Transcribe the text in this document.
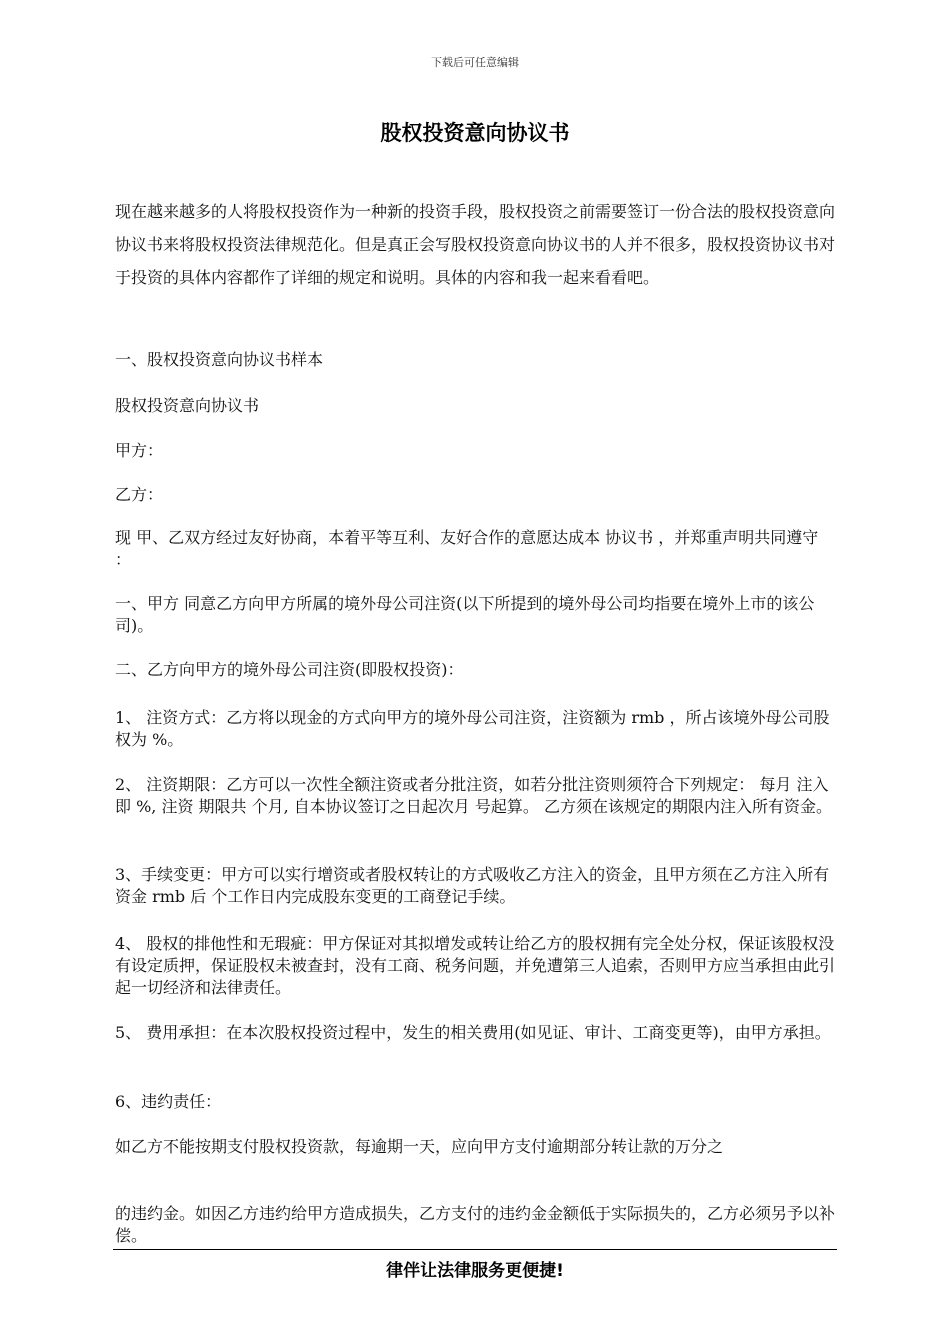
下载后可任意编辑
股权投资意向协议书
现在越来越多的人将股权投资作为一种新的投资手段，股权投资之前需要签订一份合法的股权投资意向协议书来将股权投资法律规范化。但是真正会写股权投资意向协议书的人并不很多，股权投资协议书对于投资的具体内容都作了详细的规定和说明。具体的内容和我一起来看看吧。

一、股权投资意向协议书样本

股权投资意向协议书

甲方：

乙方：

现 甲、乙双方经过友好协商，本着平等互利、友好合作的意愿达成本 协议书 ，并郑重声明共同遵守 ：

一、甲方 同意乙方向甲方所属的境外母公司注资(以下所提到的境外母公司均指要在境外上市的该公司)。

二、乙方向甲方的境外母公司注资(即股权投资)：

1、 注资方式：乙方将以现金的方式向甲方的境外母公司注资，注资额为 rmb ，所占该境外母公司股权为 %。

2、 注资期限：乙方可以一次性全额注资或者分批注资，如若分批注资则须符合下列规定： 每月 注入 即 %, 注资 期限共 个月, 自本协议签订之日起次月 号起算。 乙方须在该规定的期限内注入所有资金。

3、手续变更：甲方可以实行增资或者股权转让的方式吸收乙方注入的资金，且甲方须在乙方注入所有资金 rmb 后 个工作日内完成股东变更的工商登记手续。

4、 股权的排他性和无瑕疵：甲方保证对其拟增发或转让给乙方的股权拥有完全处分权，保证该股权没有设定质押，保证股权未被查封，没有工商、税务问题，并免遭第三人追索，否则甲方应当承担由此引起一切经济和法律责任。

5、 费用承担：在本次股权投资过程中，发生的相关费用(如见证、审计、工商变更等)，由甲方承担。

6、违约责任：

如乙方不能按期支付股权投资款，每逾期一天，应向甲方支付逾期部分转让款的万分之

的违约金。如因乙方违约给甲方造成损失，乙方支付的违约金金额低于实际损失的，乙方必须另予以补偿。

律伴让法律服务更便捷!
